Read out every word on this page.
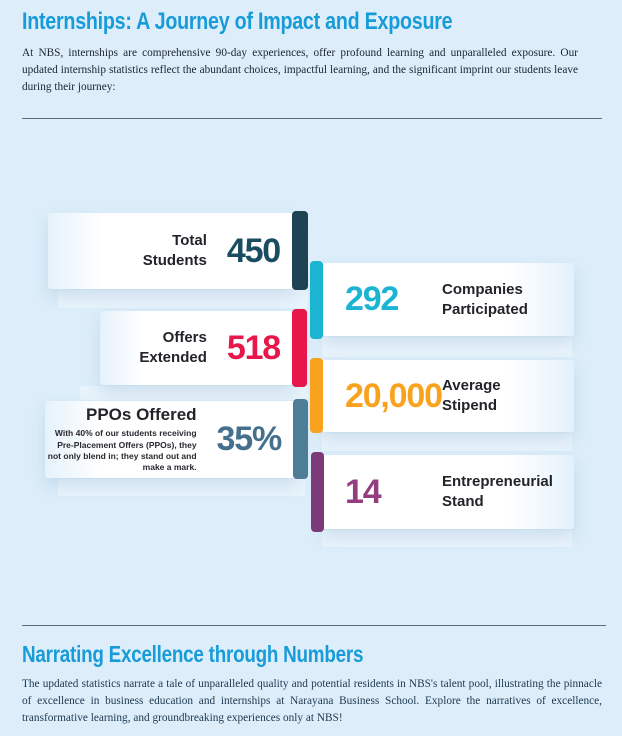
Internships: A Journey of Impact and Exposure
At NBS, internships are comprehensive 90-day experiences, offer profound learning and unparalleled exposure. Our updated internship statistics reflect the abundant choices, impactful learning, and the significant imprint our students leave during their journey:
Total Students 450
292	Companies Participated
Offers Extended 518
20,000 Average Stipend
PPOs Offered
With 40% of our students receiving Pre-Placement Offers (PPOs), they not only blend in; they stand out and make a mark.
35%
14	Entrepreneurial Stand
Narrating Excellence through Numbers
The updated statistics narrate a tale of unparalleled quality and potential residents in NBS's talent pool, illustrating the pinnacle of excellence in business education and internships at Narayana Business School. Explore the narratives of excellence, transformative learning, and groundbreaking experiences only at NBS!
